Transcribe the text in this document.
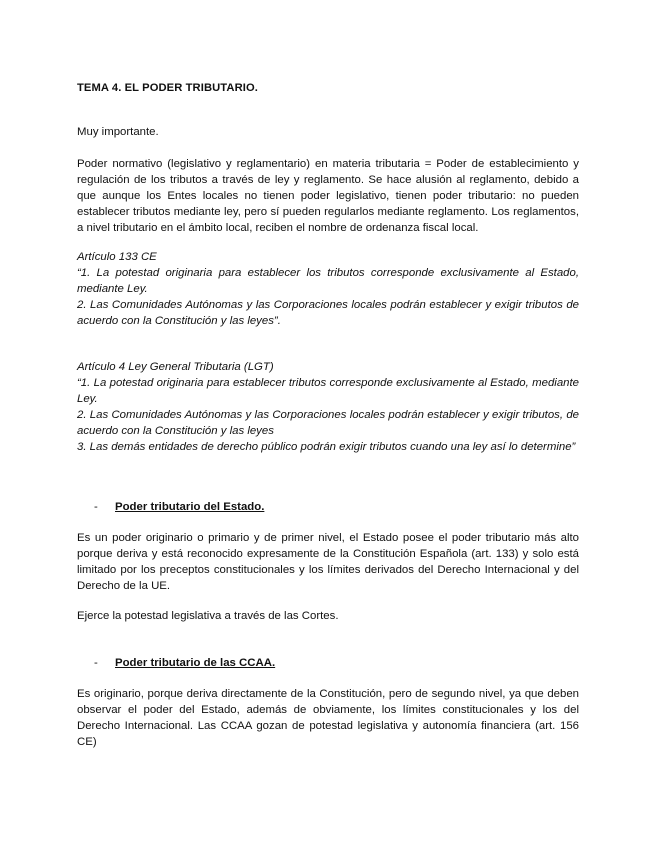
TEMA 4. EL PODER TRIBUTARIO.

Muy importante.

Poder normativo (legislativo y reglamentario) en materia tributaria = Poder de establecimiento y regulación de los tributos a través de ley y reglamento. Se hace alusión al reglamento, debido a que aunque los Entes locales no tienen poder legislativo, tienen poder tributario: no pueden establecer tributos mediante ley, pero sí pueden regularlos mediante reglamento. Los reglamentos, a nivel tributario en el ámbito local, reciben el nombre de ordenanza fiscal local.

Artículo 133 CE
“1. La potestad originaria para establecer los tributos corresponde exclusivamente al Estado, mediante Ley.
2. Las Comunidades Autónomas y las Corporaciones locales podrán establecer y exigir tributos de acuerdo con la Constitución y las leyes”.
Artículo 4 Ley General Tributaria (LGT)
“1. La potestad originaria para establecer tributos corresponde exclusivamente al Estado, mediante Ley.
2. Las Comunidades Autónomas y las Corporaciones locales podrán establecer y exigir tributos, de acuerdo con la Constitución y las leyes
3. Las demás entidades de derecho público podrán exigir tributos cuando una ley así lo determine”

- Poder tributario del Estado.

Es un poder originario o primario y de primer nivel, el Estado posee el poder tributario más alto porque deriva y está reconocido expresamente de la Constitución Española (art. 133) y solo está limitado por los preceptos constitucionales y los límites derivados del Derecho Internacional y del Derecho de la UE.

Ejerce la potestad legislativa a través de las Cortes.

- Poder tributario de las CCAA.

Es originario, porque deriva directamente de la Constitución, pero de segundo nivel, ya que deben observar el poder del Estado, además de obviamente, los límites constitucionales y los del Derecho Internacional. Las CCAA gozan de potestad legislativa y autonomía financiera (art. 156 CE)
